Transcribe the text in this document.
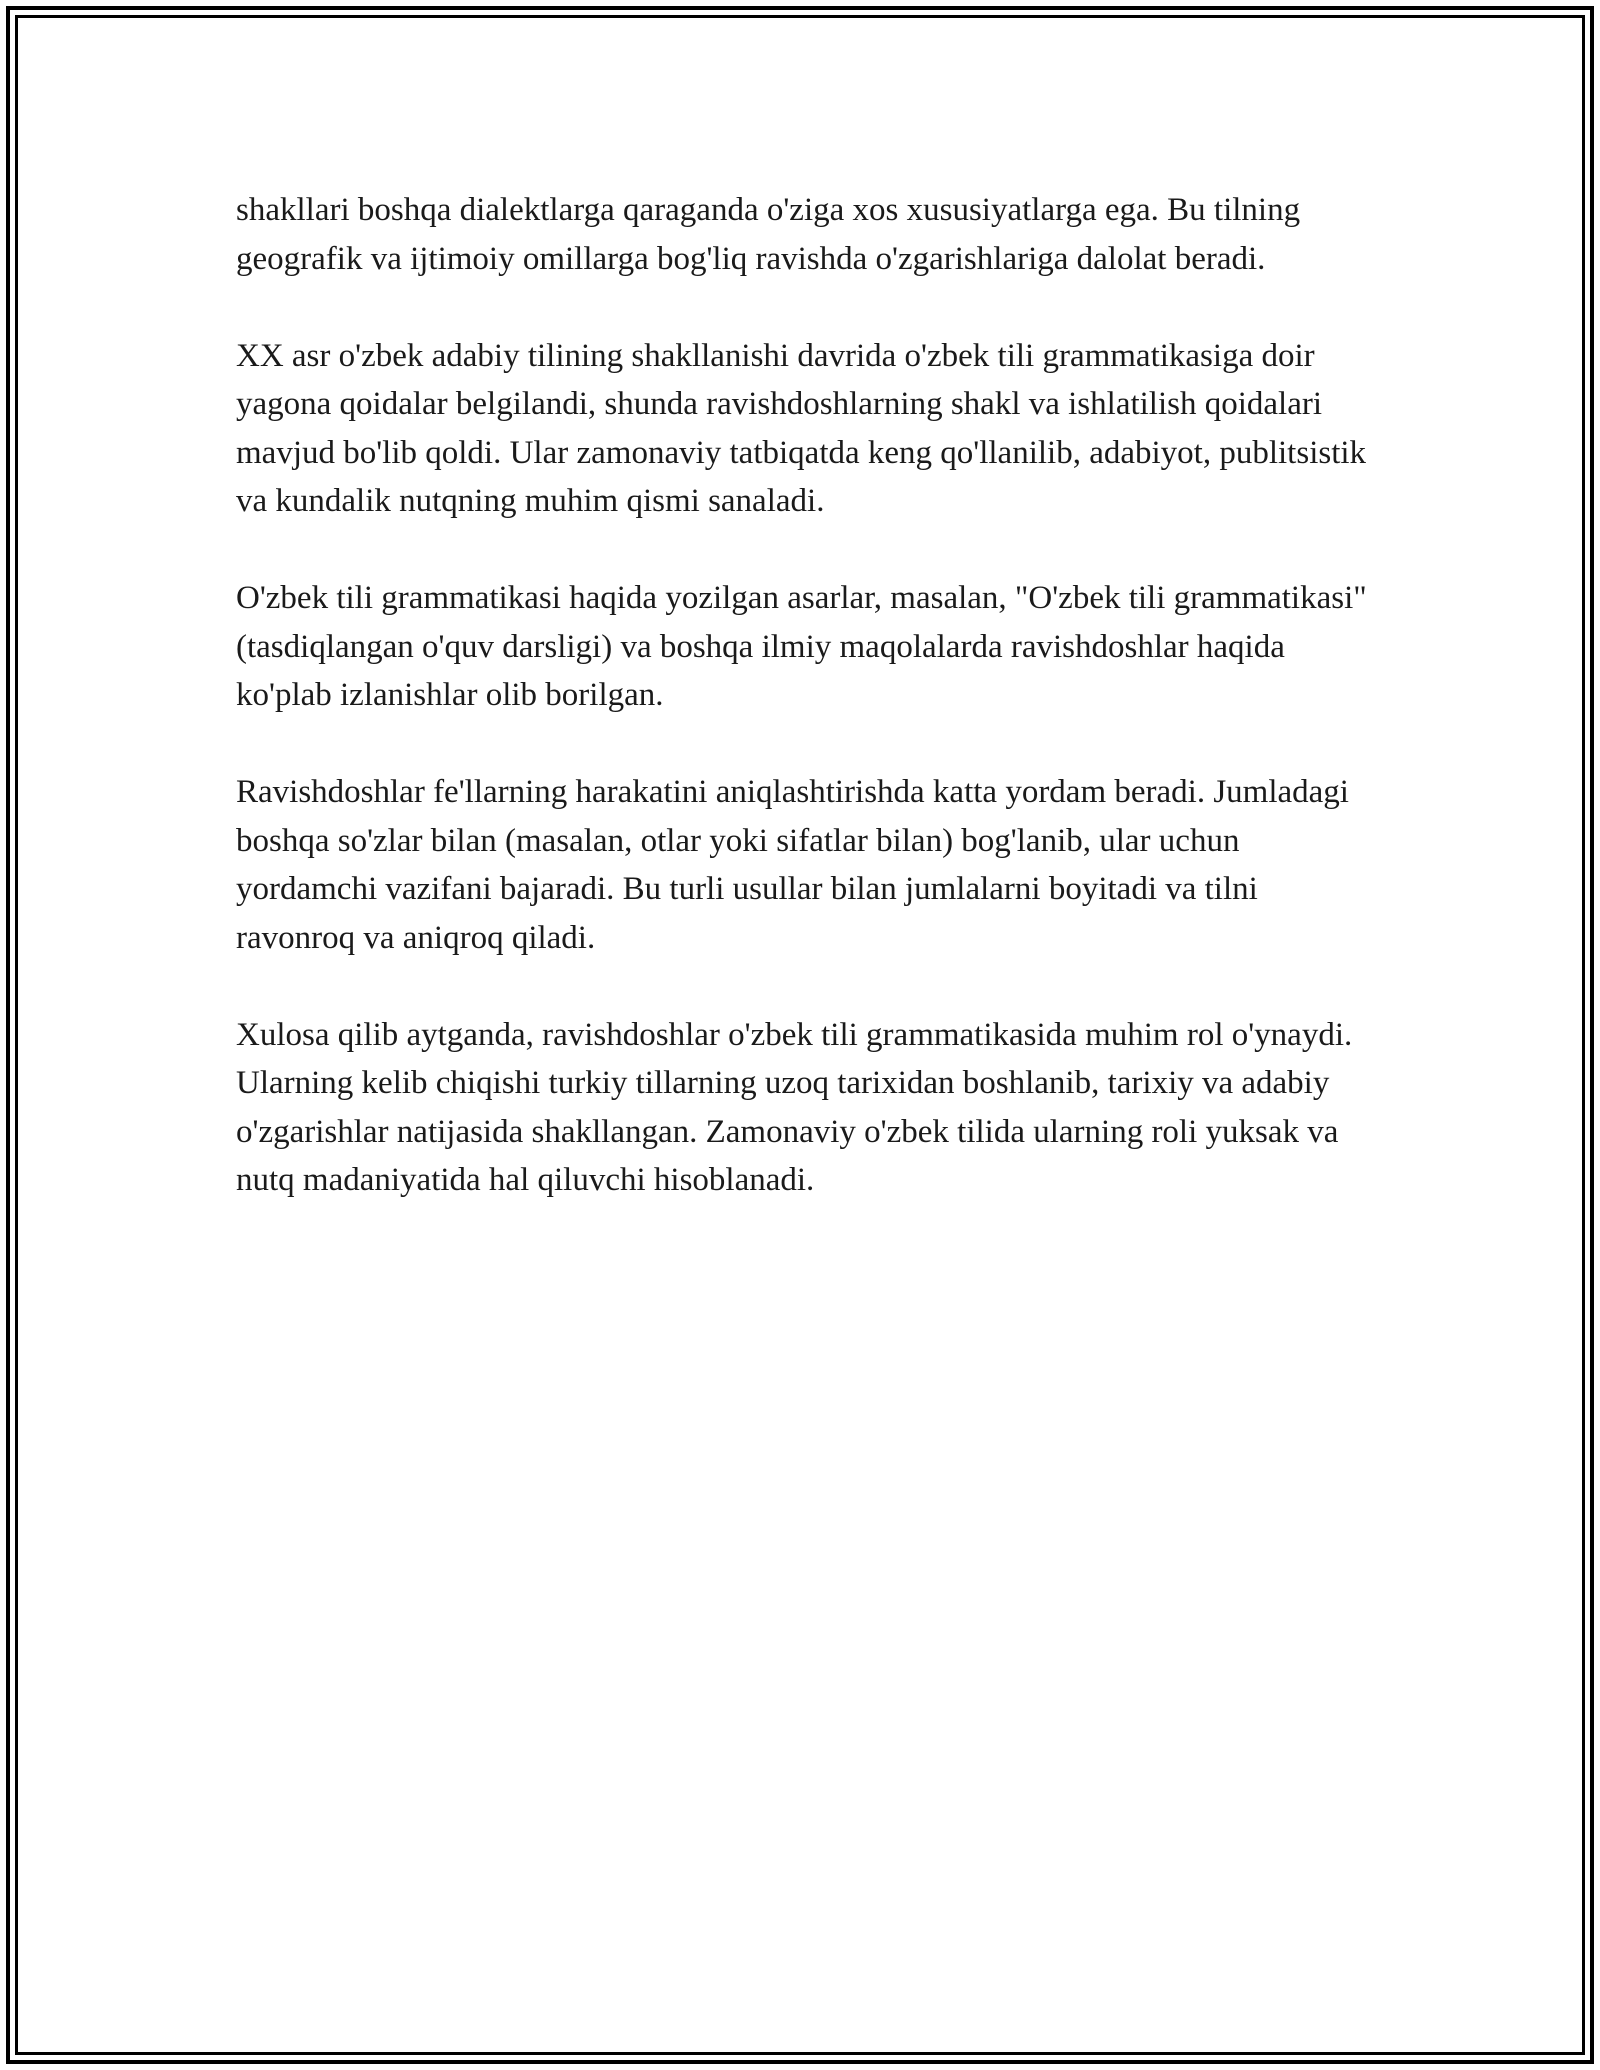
shakllari boshqa dialektlarga qaraganda o'ziga xos xususiyatlarga ega. Bu tilning geografik va ijtimoiy omillarga bog'liq ravishda o'zgarishlariga dalolat beradi.

XX asr o'zbek adabiy tilining shakllanishi davrida o'zbek tili grammatikasiga doir yagona qoidalar belgilandi, shunda ravishdoshlarning shakl va ishlatilish qoidalari mavjud bo'lib qoldi. Ular zamonaviy tatbiqatda keng qo'llanilib, adabiyot, publitsistik va kundalik nutqning muhim qismi sanaladi.

O'zbek tili grammatikasi haqida yozilgan asarlar, masalan, "O'zbek tili grammatikasi" (tasdiqlangan o'quv darsligi) va boshqa ilmiy maqolalarda ravishdoshlar haqida ko'plab izlanishlar olib borilgan.

Ravishdoshlar fe'llarning harakatini aniqlashtirishda katta yordam beradi. Jumladagi boshqa so'zlar bilan (masalan, otlar yoki sifatlar bilan) bog'lanib, ular uchun yordamchi vazifani bajaradi. Bu turli usullar bilan jumlalarni boyitadi va tilni ravonroq va aniqroq qiladi.

Xulosa qilib aytganda, ravishdoshlar o'zbek tili grammatikasida muhim rol o'ynaydi. Ularning kelib chiqishi turkiy tillarning uzoq tarixidan boshlanib, tarixiy va adabiy o'zgarishlar natijasida shakllangan. Zamonaviy o'zbek tilida ularning roli yuksak va nutq madaniyatida hal qiluvchi hisoblanadi.
